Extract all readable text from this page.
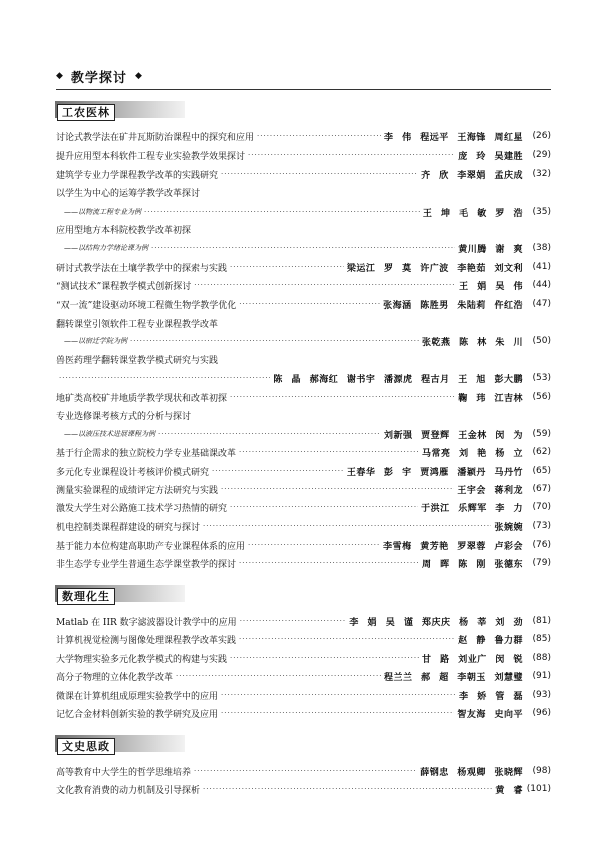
◆ 教学探讨 ◆
工农医林
讨论式教学法在矿井瓦斯防治课程中的探究和应用 ·····	李 伟 程远平 王海锋 周红星	(26)
提升应用型本科软件工程专业实验教学效果探讨 ·····	庞 玲 吴建胜	(29)
建筑学专业力学课程教学改革的实践研究 ·····	齐 欣 李翠娟 孟庆成	(32)
以学生为中心的运筹学教学改革探讨
——以物流工程专业为例 ·····	王 坤 毛 敏 罗 浩	(35)
应用型地方本科院校教学改革初探
——以结构力学绪论课为例 ·····	黄川腾 谢 爽	(38)
研讨式教学法在土壤学教学中的探索与实践 ·····	梁运江 罗 莫 许广波 李艳茹 刘文利	(41)
“测试技术”课程教学模式创新探讨 ·····	王 娟 吴 伟	(44)
“双一流”建设驱动环境工程微生物学教学优化 ·····	张海涵 陈胜男 朱陆莉 仵红浩	(47)
翻转课堂引领软件工程专业课程教学改革
——以宿迁学院为例 ·····	张乾燕 陈 林 朱 川	(50)
兽医药理学翻转课堂教学模式研究与实践
·····
陈 晶 郝海红 谢书宇 潘源虎 程古月 王 旭 彭大鹏	(53)
地矿类高校矿井地质学教学现状和改革初探 ·····	鞠 玮 江吉林	(56)
专业选修课考核方式的分析与探讨
——以液压技术进展课程为例 ·····	刘新强 贾登辉 王金林 闵 为	(59)
基于行企需求的独立院校力学专业基础课改革 ·····	马常亮 刘 艳 杨 立	(62)
多元化专业课程设计考核评价模式研究 ·····	王春华 彭 宇 贾鸿雁 潘颖丹 马丹竹	(65)
测量实验课程的成绩评定方法研究与实践 ·····	王宇会 蒋利龙	(67)
激发大学生对公路施工技术学习热情的研究 ·····	于洪江 乐辉军 李 力	(70)
机电控制类课程群建设的研究与探讨 ·····	张婉婉	(73)
基于能力本位构建高职助产专业课程体系的应用 ·····	李雪梅 黄芳艳 罗翠蓉 卢彩会	(76)
非生态学专业学生普通生态学课堂教学的探讨 ·····	周 晖 陈 刚 张德东	(79)
数理化生
Matlab 在 IIR 数字滤波器设计教学中的应用 ·····	李 娟 吴 谨 郑庆庆 杨 莘 刘 劲	(81)
计算机视觉检测与图像处理课程教学改革实践 ·····	赵 静 鲁力群	(85)
大学物理实验多元化教学模式的构建与实践 ·····	甘 路 刘业广 闵 锐	(88)
高分子物理的立体化教学改革 ·····	程兰兰 郝 超 李朝玉 刘慧璧	(91)
微课在计算机组成原理实验教学中的应用 ·····	李 娇 管 磊	(93)
记忆合金材料创新实验的教学研究及应用 ·····	智友海 史向平	(96)
文史思政
高等教育中大学生的哲学思维培养 ·····	薛钢忠 杨观卿 张晓辉	(98)
文化教育消费的动力机制及引导探析 ·····	黄 睿 (101)
